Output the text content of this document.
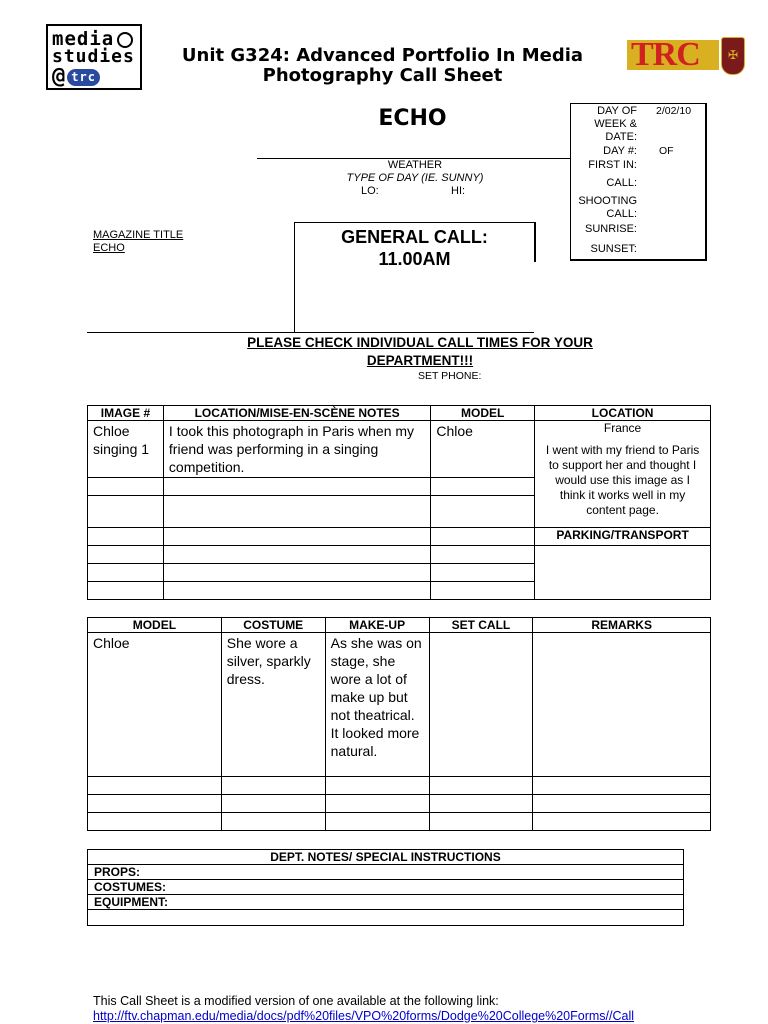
media
studies
@ trc
TRC	✠
Unit G324: Advanced Portfolio In Media
Photography Call Sheet
ECHO
WEATHER
TYPE OF DAY (IE. SUNNY)
LO:	HI:
DAY OF
WEEK &
DATE:
2/02/10
DAY #: OF
FIRST IN:
CALL:
SHOOTING
CALL:
SUNRISE:
SUNSET:
MAGAZINE TITLE
ECHO
GENERAL CALL:
11.00AM
PLEASE CHECK INDIVIDUAL CALL TIMES FOR YOUR
DEPARTMENT!!!
SET PHONE:
IMAGE #	LOCATION/MISE-EN-SCÈNE NOTES	MODEL	LOCATION
Chloe singing 1	I took this photograph in Paris when my friend was performing in a singing competition.	Chloe	France
I went with my friend to Paris to support her and thought I would use this image as I think it works well in my content page.

			PARKING/TRANSPORT

MODEL	COSTUME	MAKE-UP	SET CALL	REMARKS
Chloe	She wore a silver, sparkly dress.	As she was on stage, she wore a lot of make up but not theatrical. It looked more natural.		

DEPT. NOTES/ SPECIAL INSTRUCTIONS
PROPS:
COSTUMES:
EQUIPMENT:

This Call Sheet is a modified version of one available at the following link:
http://ftv.chapman.edu/media/docs/pdf%20files/VPO%20forms/Dodge%20College%20Forms//Call
